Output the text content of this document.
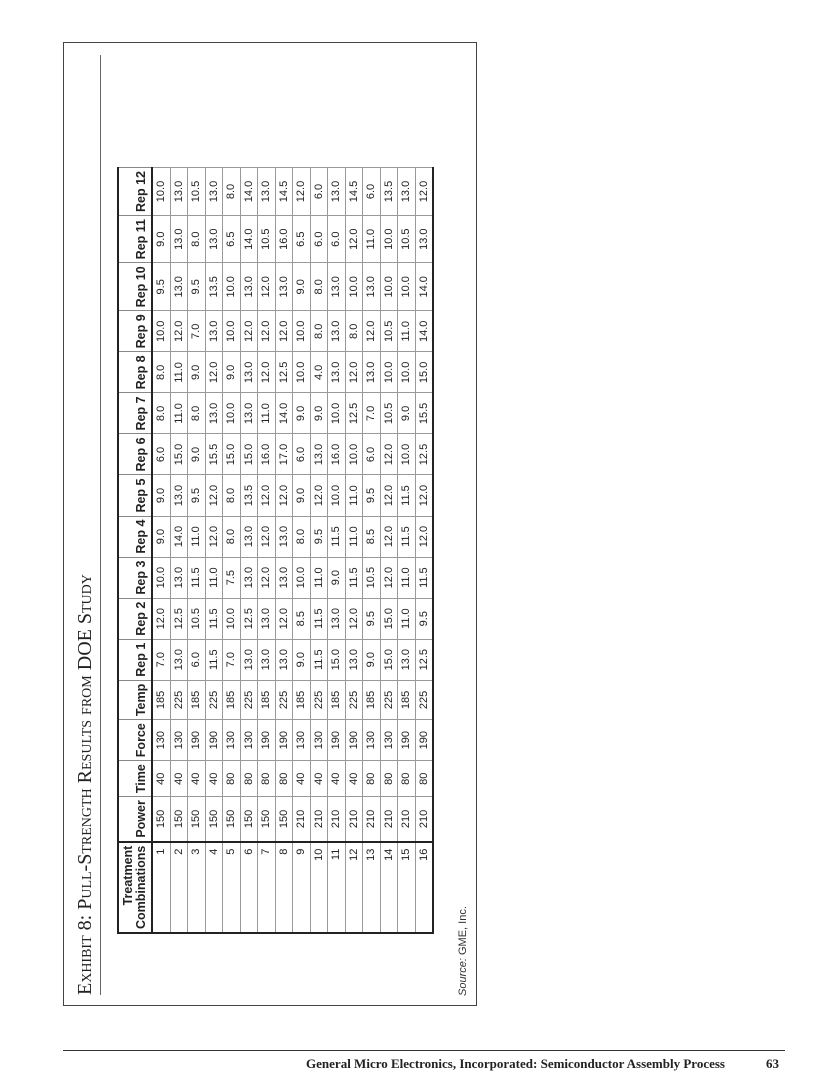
Exhibit 8: Pull-Strength Results from DOE Study
Treatment Combinations	Power	Time	Force	Temp	Rep 1	Rep 2	Rep 3	Rep 4	Rep 5	Rep 6	Rep 7	Rep 8	Rep 9	Rep 10	Rep 11	Rep 12
1	150	40	130	185	7.0	12.0	10.0	9.0	9.0	6.0	8.0	8.0	10.0	9.5	9.0	10.0
2	150	40	130	225	13.0	12.5	13.0	14.0	13.0	15.0	11.0	11.0	12.0	13.0	13.0	13.0
3	150	40	190	185	6.0	10.5	11.5	11.0	9.5	9.0	8.0	9.0	7.0	9.5	8.0	10.5
4	150	40	190	225	11.5	11.5	11.0	12.0	12.0	15.5	13.0	12.0	13.0	13.5	13.0	13.0
5	150	80	130	185	7.0	10.0	7.5	8.0	8.0	15.0	10.0	9.0	10.0	10.0	6.5	8.0
6	150	80	130	225	13.0	12.5	13.0	13.0	13.5	15.0	13.0	13.0	12.0	13.0	14.0	14.0
7	150	80	190	185	13.0	13.0	12.0	12.0	12.0	16.0	11.0	12.0	12.0	12.0	10.5	13.0
8	150	80	190	225	13.0	12.0	13.0	13.0	12.0	17.0	14.0	12.5	12.0	13.0	16.0	14.5
9	210	40	130	185	9.0	8.5	10.0	8.0	9.0	6.0	9.0	10.0	10.0	9.0	6.5	12.0
10	210	40	130	225	11.5	11.5	11.0	9.5	12.0	13.0	9.0	4.0	8.0	8.0	6.0	6.0
11	210	40	190	185	15.0	13.0	9.0	11.5	10.0	16.0	10.0	13.0	13.0	13.0	6.0	13.0
12	210	40	190	225	13.0	12.0	11.5	11.0	11.0	10.0	12.5	12.0	8.0	10.0	12.0	14.5
13	210	80	130	185	9.0	9.5	10.5	8.5	9.5	6.0	7.0	13.0	12.0	13.0	11.0	6.0
14	210	80	130	225	15.0	15.0	12.0	12.0	12.0	12.0	10.5	10.0	10.5	10.0	10.0	13.5
15	210	80	190	185	13.0	11.0	11.0	11.5	11.5	10.0	9.0	10.0	11.0	10.0	10.5	13.0
16	210	80	190	225	12.5	9.5	11.5	12.0	12.0	12.5	15.5	15.0	14.0	14.0	13.0	12.0
Source: GME, Inc.
General Micro Electronics, Incorporated: Semiconductor Assembly Process	63
